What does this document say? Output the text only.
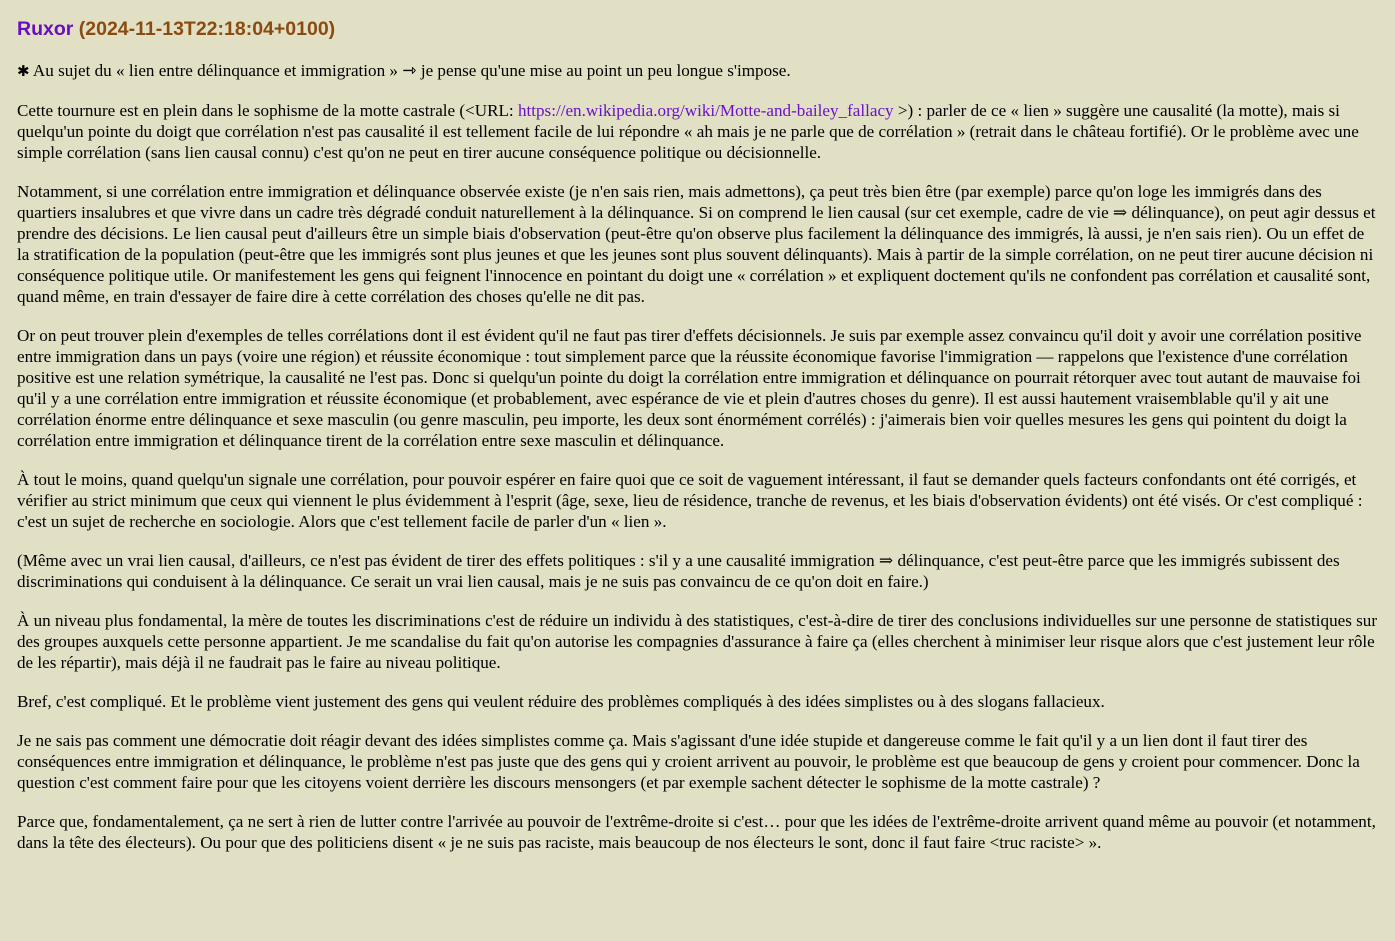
Ruxor (2024-11-13T22:18:04+0100)

✱ Au sujet du « lien entre délinquance et immigration » ⇾ je pense qu'une mise au point un peu longue s'impose.

Cette tournure est en plein dans le sophisme de la motte castrale (<URL: https://en.wikipedia.org/wiki/Motte-and-bailey_fallacy >) : parler de ce « lien » suggère une causalité (la motte), mais si quelqu'un pointe du doigt que corrélation n'est pas causalité il est tellement facile de lui répondre « ah mais je ne parle que de corrélation » (retrait dans le château fortifié). Or le problème avec une simple corrélation (sans lien causal connu) c'est qu'on ne peut en tirer aucune conséquence politique ou décisionnelle.

Notamment, si une corrélation entre immigration et délinquance observée existe (je n'en sais rien, mais admettons), ça peut très bien être (par exemple) parce qu'on loge les immigrés dans des quartiers insalubres et que vivre dans un cadre très dégradé conduit naturellement à la délinquance. Si on comprend le lien causal (sur cet exemple, cadre de vie ⇒ délinquance), on peut agir dessus et prendre des décisions. Le lien causal peut d'ailleurs être un simple biais d'observation (peut-être qu'on observe plus facilement la délinquance des immigrés, là aussi, je n'en sais rien). Ou un effet de la stratification de la population (peut-être que les immigrés sont plus jeunes et que les jeunes sont plus souvent délinquants). Mais à partir de la simple corrélation, on ne peut tirer aucune décision ni conséquence politique utile. Or manifestement les gens qui feignent l'innocence en pointant du doigt une « corrélation » et expliquent doctement qu'ils ne confondent pas corrélation et causalité sont, quand même, en train d'essayer de faire dire à cette corrélation des choses qu'elle ne dit pas.

Or on peut trouver plein d'exemples de telles corrélations dont il est évident qu'il ne faut pas tirer d'effets décisionnels. Je suis par exemple assez convaincu qu'il doit y avoir une corrélation positive entre immigration dans un pays (voire une région) et réussite économique : tout simplement parce que la réussite économique favorise l'immigration — rappelons que l'existence d'une corrélation positive est une relation symétrique, la causalité ne l'est pas. Donc si quelqu'un pointe du doigt la corrélation entre immigration et délinquance on pourrait rétorquer avec tout autant de mauvaise foi qu'il y a une corrélation entre immigration et réussite économique (et probablement, avec espérance de vie et plein d'autres choses du genre). Il est aussi hautement vraisemblable qu'il y ait une corrélation énorme entre délinquance et sexe masculin (ou genre masculin, peu importe, les deux sont énormément corrélés) : j'aimerais bien voir quelles mesures les gens qui pointent du doigt la corrélation entre immigration et délinquance tirent de la corrélation entre sexe masculin et délinquance.

À tout le moins, quand quelqu'un signale une corrélation, pour pouvoir espérer en faire quoi que ce soit de vaguement intéressant, il faut se demander quels facteurs confondants ont été corrigés, et vérifier au strict minimum que ceux qui viennent le plus évidemment à l'esprit (âge, sexe, lieu de résidence, tranche de revenus, et les biais d'observation évidents) ont été visés. Or c'est compliqué : c'est un sujet de recherche en sociologie. Alors que c'est tellement facile de parler d'un « lien ».

(Même avec un vrai lien causal, d'ailleurs, ce n'est pas évident de tirer des effets politiques : s'il y a une causalité immigration ⇒ délinquance, c'est peut-être parce que les immigrés subissent des discriminations qui conduisent à la délinquance. Ce serait un vrai lien causal, mais je ne suis pas convaincu de ce qu'on doit en faire.)

À un niveau plus fondamental, la mère de toutes les discriminations c'est de réduire un individu à des statistiques, c'est-à-dire de tirer des conclusions individuelles sur une personne de statistiques sur des groupes auxquels cette personne appartient. Je me scandalise du fait qu'on autorise les compagnies d'assurance à faire ça (elles cherchent à minimiser leur risque alors que c'est justement leur rôle de les répartir), mais déjà il ne faudrait pas le faire au niveau politique.

Bref, c'est compliqué. Et le problème vient justement des gens qui veulent réduire des problèmes compliqués à des idées simplistes ou à des slogans fallacieux.

Je ne sais pas comment une démocratie doit réagir devant des idées simplistes comme ça. Mais s'agissant d'une idée stupide et dangereuse comme le fait qu'il y a un lien dont il faut tirer des conséquences entre immigration et délinquance, le problème n'est pas juste que des gens qui y croient arrivent au pouvoir, le problème est que beaucoup de gens y croient pour commencer. Donc la question c'est comment faire pour que les citoyens voient derrière les discours mensongers (et par exemple sachent détecter le sophisme de la motte castrale) ?

Parce que, fondamentalement, ça ne sert à rien de lutter contre l'arrivée au pouvoir de l'extrême-droite si c'est… pour que les idées de l'extrême-droite arrivent quand même au pouvoir (et notamment, dans la tête des électeurs). Ou pour que des politiciens disent « je ne suis pas raciste, mais beaucoup de nos électeurs le sont, donc il faut faire <truc raciste> ».
